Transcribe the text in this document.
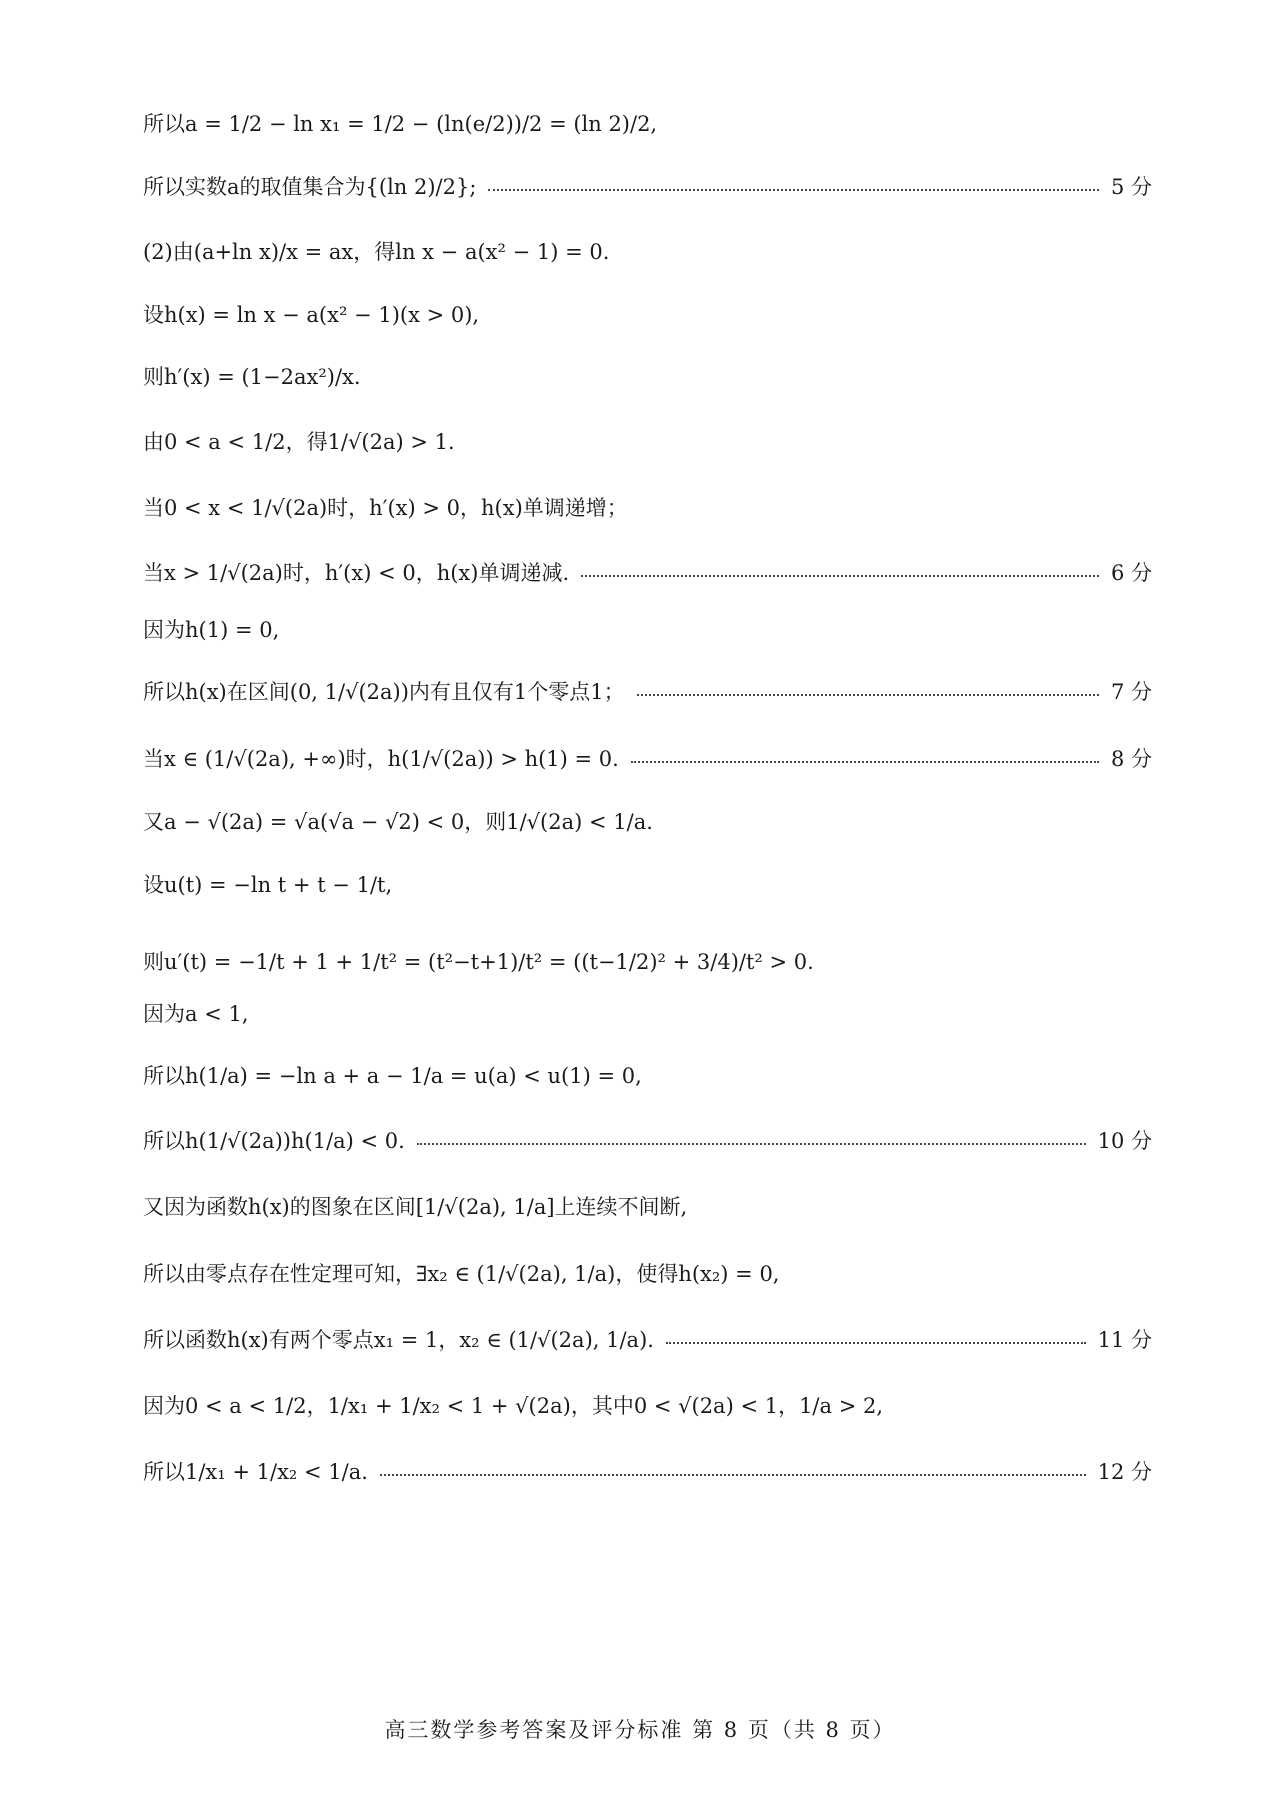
所以a = 1/2 − ln x₁ = 1/2 − (ln(e/2))/2 = (ln 2)/2,
所以实数a的取值集合为{(ln 2)/2};	5 分
(2)由(a+ln x)/x = ax，得ln x − a(x² − 1) = 0.
设h(x) = ln x − a(x² − 1)(x > 0),
则h′(x) = (1−2ax²)/x.
由0 < a < 1/2，得1/√(2a) > 1.
当0 < x < 1/√(2a)时，h′(x) > 0，h(x)单调递增；
当x > 1/√(2a)时，h′(x) < 0，h(x)单调递减.	6 分
因为h(1) = 0,
所以h(x)在区间(0, 1/√(2a))内有且仅有1个零点1；	7 分
当x ∈ (1/√(2a), +∞)时，h(1/√(2a)) > h(1) = 0.	8 分
又a − √(2a) = √a(√a − √2) < 0，则1/√(2a) < 1/a.
设u(t) = −ln t + t − 1/t,
则u′(t) = −1/t + 1 + 1/t² = (t²−t+1)/t² = ((t−1/2)² + 3/4)/t² > 0.
因为a < 1,
所以h(1/a) = −ln a + a − 1/a = u(a) < u(1) = 0,
所以h(1/√(2a))h(1/a) < 0.	10 分
又因为函数h(x)的图象在区间[1/√(2a), 1/a]上连续不间断,
所以由零点存在性定理可知，∃x₂ ∈ (1/√(2a), 1/a)，使得h(x₂) = 0,
所以函数h(x)有两个零点x₁ = 1，x₂ ∈ (1/√(2a), 1/a).	11 分
因为0 < a < 1/2，1/x₁ + 1/x₂ < 1 + √(2a)，其中0 < √(2a) < 1，1/a > 2,
所以1/x₁ + 1/x₂ < 1/a.	12 分
高三数学参考答案及评分标准 第 8 页（共 8 页）
